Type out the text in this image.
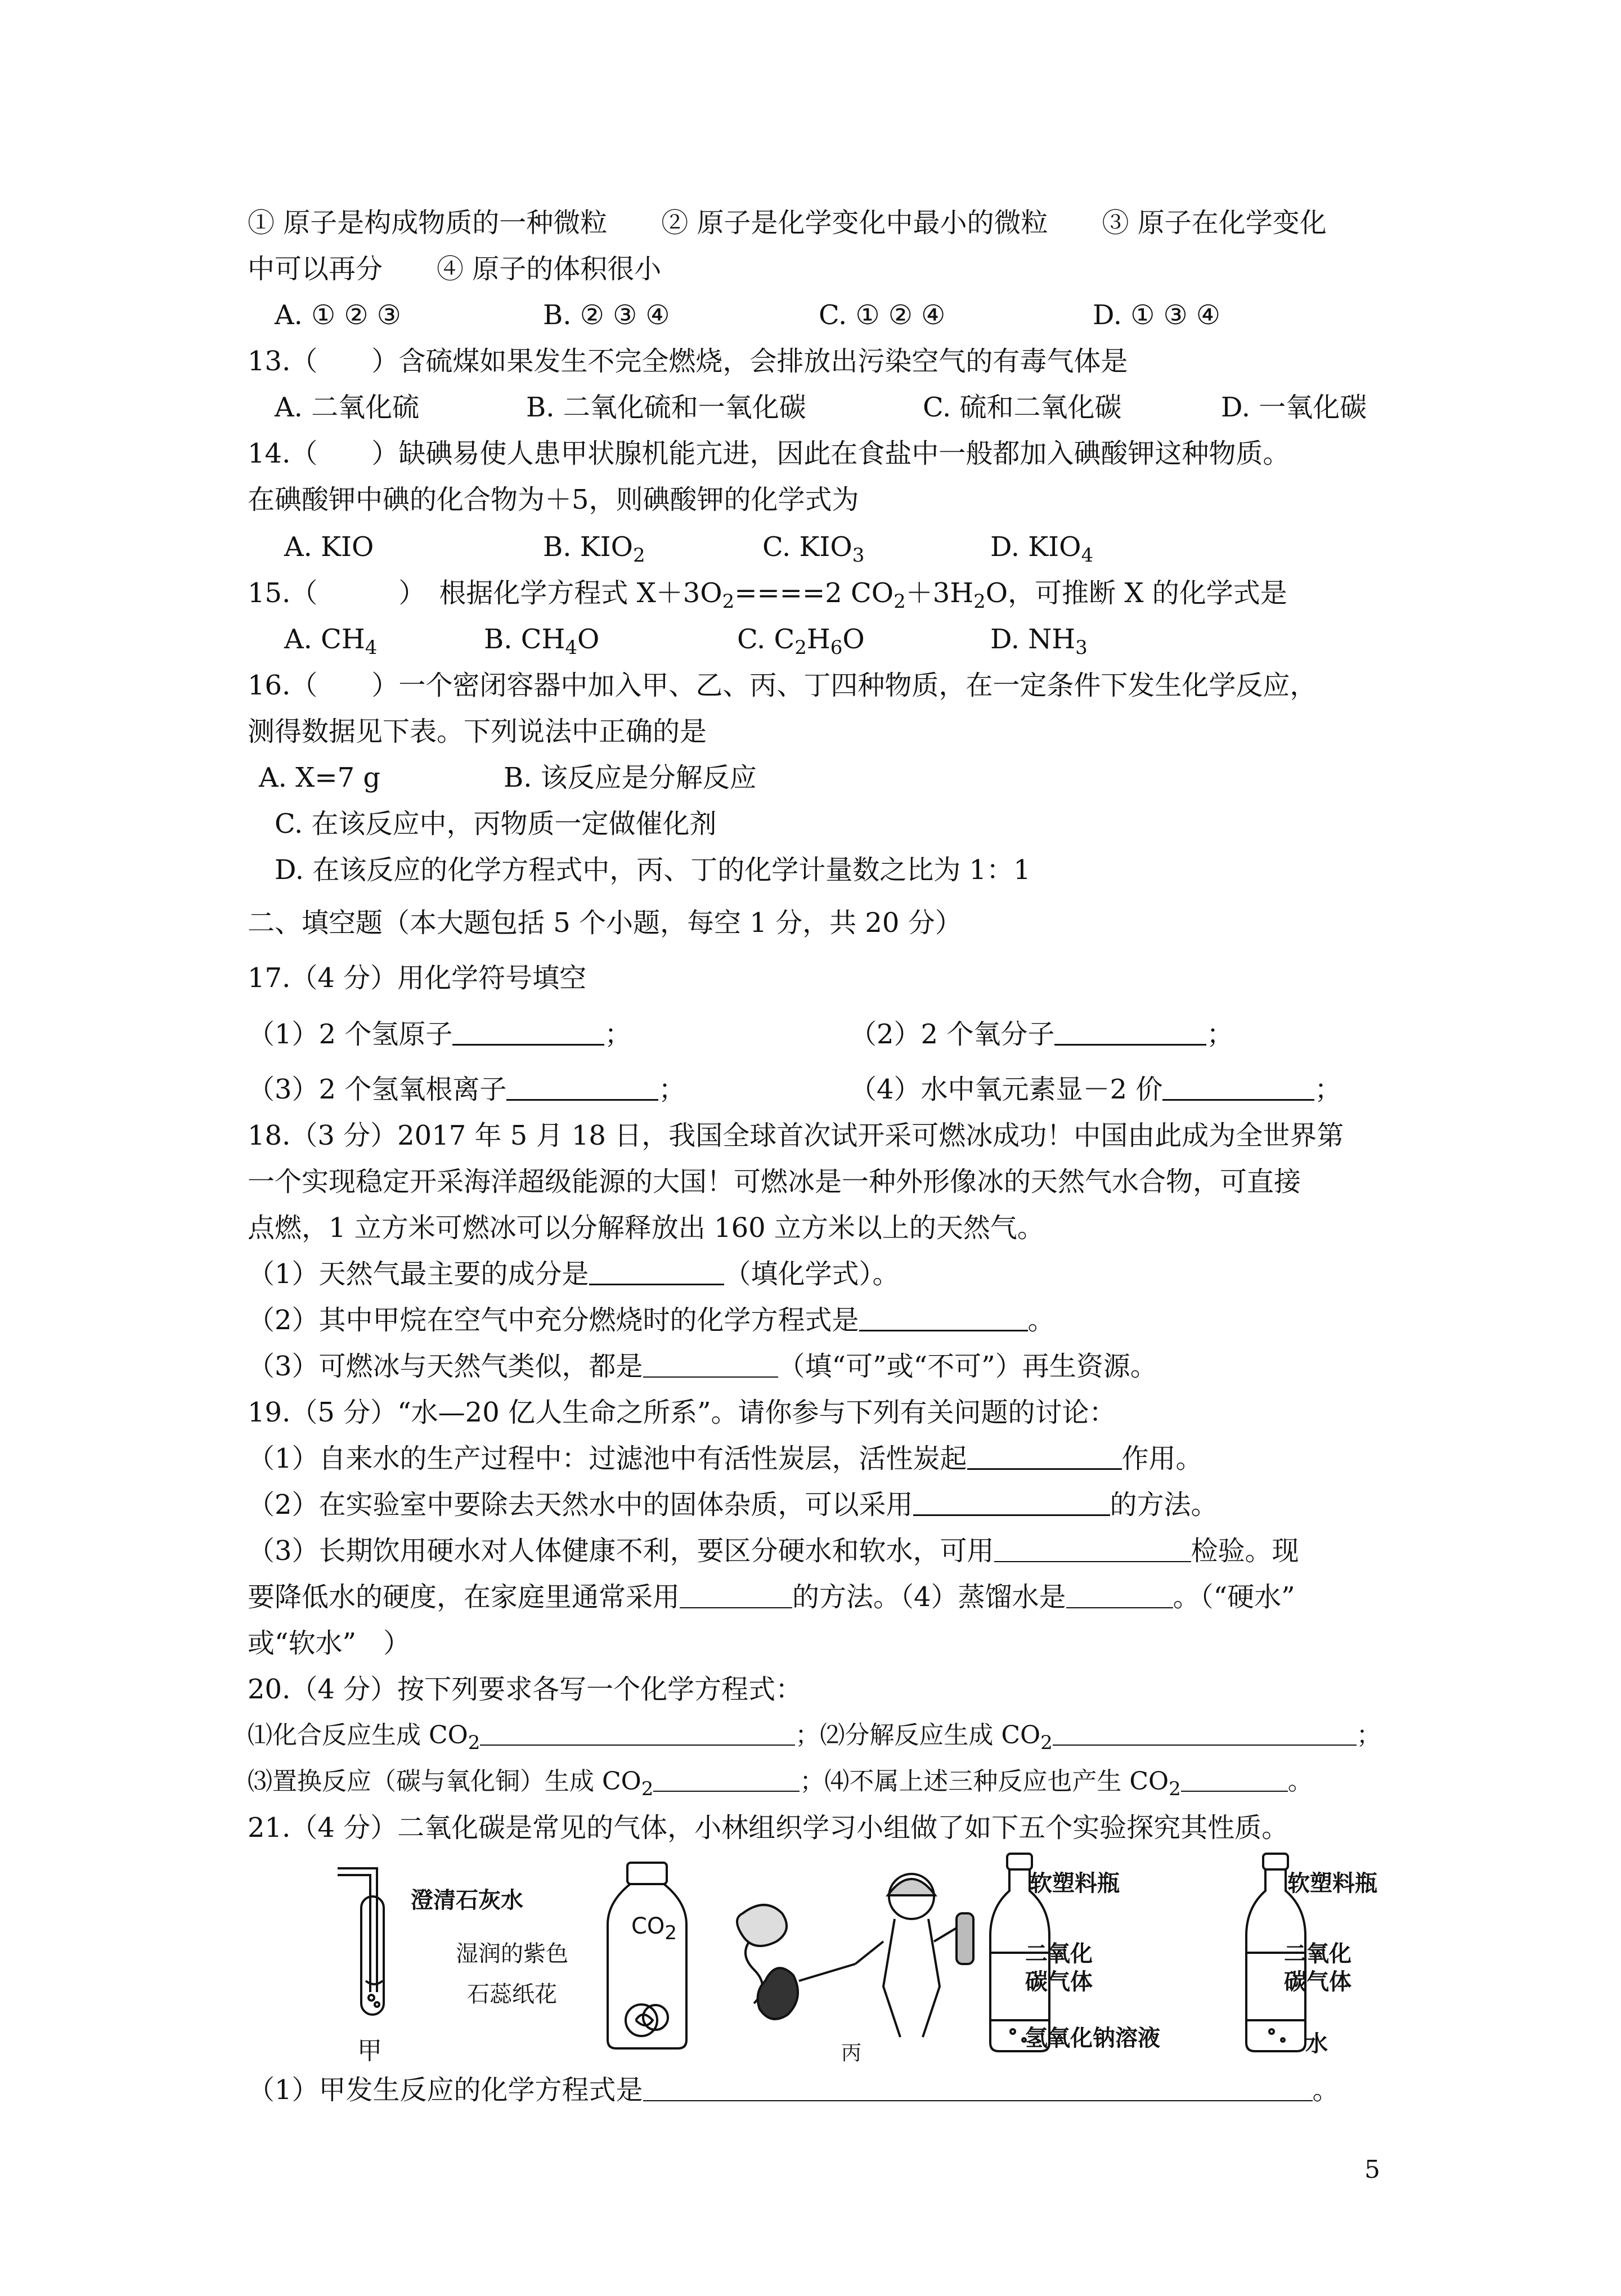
① 原子是构成物质的一种微粒　　② 原子是化学变化中最小的微粒　　③ 原子在化学变化
中可以再分　　④ 原子的体积很小
A. ① ② ③	B. ② ③ ④	C. ① ② ④	D. ① ③ ④
13.（　　）含硫煤如果发生不完全燃烧，会排放出污染空气的有毒气体是
A. 二氧化硫	B. 二氧化硫和一氧化碳	C. 硫和二氧化碳	D. 一氧化碳
14.（　　）缺碘易使人患甲状腺机能亢进，因此在食盐中一般都加入碘酸钾这种物质。
在碘酸钾中碘的化合物为＋5，则碘酸钾的化学式为
A. KIO	B. $KIO_2$	C. $KIO_3$	D. $KIO_4$
15.（　　　）　根据化学方程式 $X+3O_2====2$ $CO_2+3H_2O$，可推断 X 的化学式是
A. $CH_4$	B. $CH_4O$	C. $C_2H_6O$	D. $NH_3$
16.（　　）一个密闭容器中加入甲、乙、丙、丁四种物质，在一定条件下发生化学反应，
测得数据见下表。下列说法中正确的是
A. X=7 g	B. 该反应是分解反应
C. 在该反应中，丙物质一定做催化剂
D. 在该反应的化学方程式中，丙、丁的化学计量数之比为 1：1
二、填空题（本大题包括 5 个小题，每空 1 分，共 20 分）
17.（4 分）用化学符号填空
（1）2 个氢原子	；	（2）2 个氧分子	；
（3）2 个氢氧根离子	；	（4）水中氧元素显－2 价	；
18.（3 分）2017 年 5 月 18 日，我国全球首次试开采可燃冰成功！中国由此成为全世界第
一个实现稳定开采海洋超级能源的大国！可燃冰是一种外形像冰的天然气水合物，可直接
点燃，1 立方米可燃冰可以分解释放出 160 立方米以上的天然气。
（1）天然气最主要的成分是	（填化学式）。
（2）其中甲烷在空气中充分燃烧时的化学方程式是	。
（3）可燃冰与天然气类似，都是	（填“可”或“不可”）再生资源。
19.（5 分）“水—20 亿人生命之所系”。请你参与下列有关问题的讨论：
（1）自来水的生产过程中：过滤池中有活性炭层，活性炭起	作用。
（2）在实验室中要除去天然水中的固体杂质，可以采用	的方法。
（3）长期饮用硬水对人体健康不利，要区分硬水和软水，可用	检验。现
要降低水的硬度，在家庭里通常采用	的方法。（4）蒸馏水是	。（“硬水”
或“软水”　）
20.（4 分）按下列要求各写一个化学方程式：
⑴化合反应生成 $CO_2$	；⑵分解反应生成 $CO_2$	；
⑶置换反应（碳与氧化铜）生成 $CO_2$	；⑷不属上述三种反应也产生 $CO_2$	。
21.（4 分）二氧化碳是常见的气体，小林组织学习小组做了如下五个实验探究其性质。
澄清石灰水
甲
$CO_2$
湿润的紫色
石蕊纸花
丙
软塑料瓶
二氧化
碳气体
氢氧化钠溶液
软塑料瓶
二氧化
碳气体
水
（1）甲发生反应的化学方程式是	。
5
